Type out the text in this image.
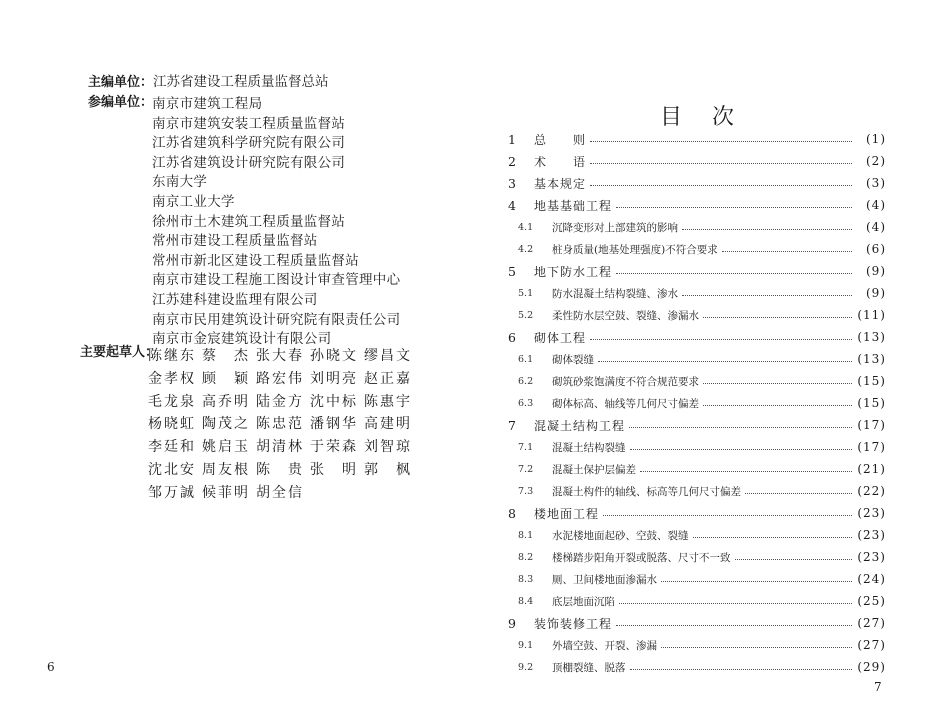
主编单位：江苏省建设工程质量监督总站
参编单位：
南京市建筑工程局
南京市建筑安装工程质量监督站
江苏省建筑科学研究院有限公司
江苏省建筑设计研究院有限公司
东南大学
南京工业大学
徐州市土木建筑工程质量监督站
常州市建设工程质量监督站
常州市新北区建设工程质量监督站
南京市建设工程施工图设计审查管理中心
江苏建科建设监理有限公司
南京市民用建筑设计研究院有限责任公司
南京市金宸建筑设计有限公司
主要起草人：
陈继东 蔡　杰 张大春 孙晓文 缪昌文
金孝权 顾　颖 路宏伟 刘明亮 赵正嘉
毛龙泉 高乔明 陆金方 沈中标 陈惠宇
杨晓虹 陶茂之 陈忠范 潘钢华 高建明
李廷和 姚启玉 胡清林 于荣森 刘智琼
沈北安 周友根 陈　贵 张　明 郭　枫
邹万誠 候菲明 胡全信
6
目次
1	总　　则	(1)
2	术　　语	(2)
3	基本规定	(3)
4	地基基础工程	(4)
4.1	沉降变形对上部建筑的影响	(4)
4.2	桩身质量(地基处理强度)不符合要求	(6)
5	地下防水工程	(9)
5.1	防水混凝土结构裂缝、渗水	(9)
5.2	柔性防水层空鼓、裂缝、渗漏水	(11)
6	砌体工程	(13)
6.1	砌体裂缝	(13)
6.2	砌筑砂浆饱满度不符合规范要求	(15)
6.3	砌体标高、轴线等几何尺寸偏差	(15)
7	混凝土结构工程	(17)
7.1	混凝土结构裂缝	(17)
7.2	混凝土保护层偏差	(21)
7.3	混凝土构件的轴线、标高等几何尺寸偏差	(22)
8	楼地面工程	(23)
8.1	水泥楼地面起砂、空鼓、裂缝	(23)
8.2	楼梯踏步阳角开裂或脱落、尺寸不一致	(23)
8.3	厕、卫间楼地面渗漏水	(24)
8.4	底层地面沉陷	(25)
9	装饰装修工程	(27)
9.1	外墙空鼓、开裂、渗漏	(27)
9.2	顶棚裂缝、脱落	(29)
7
